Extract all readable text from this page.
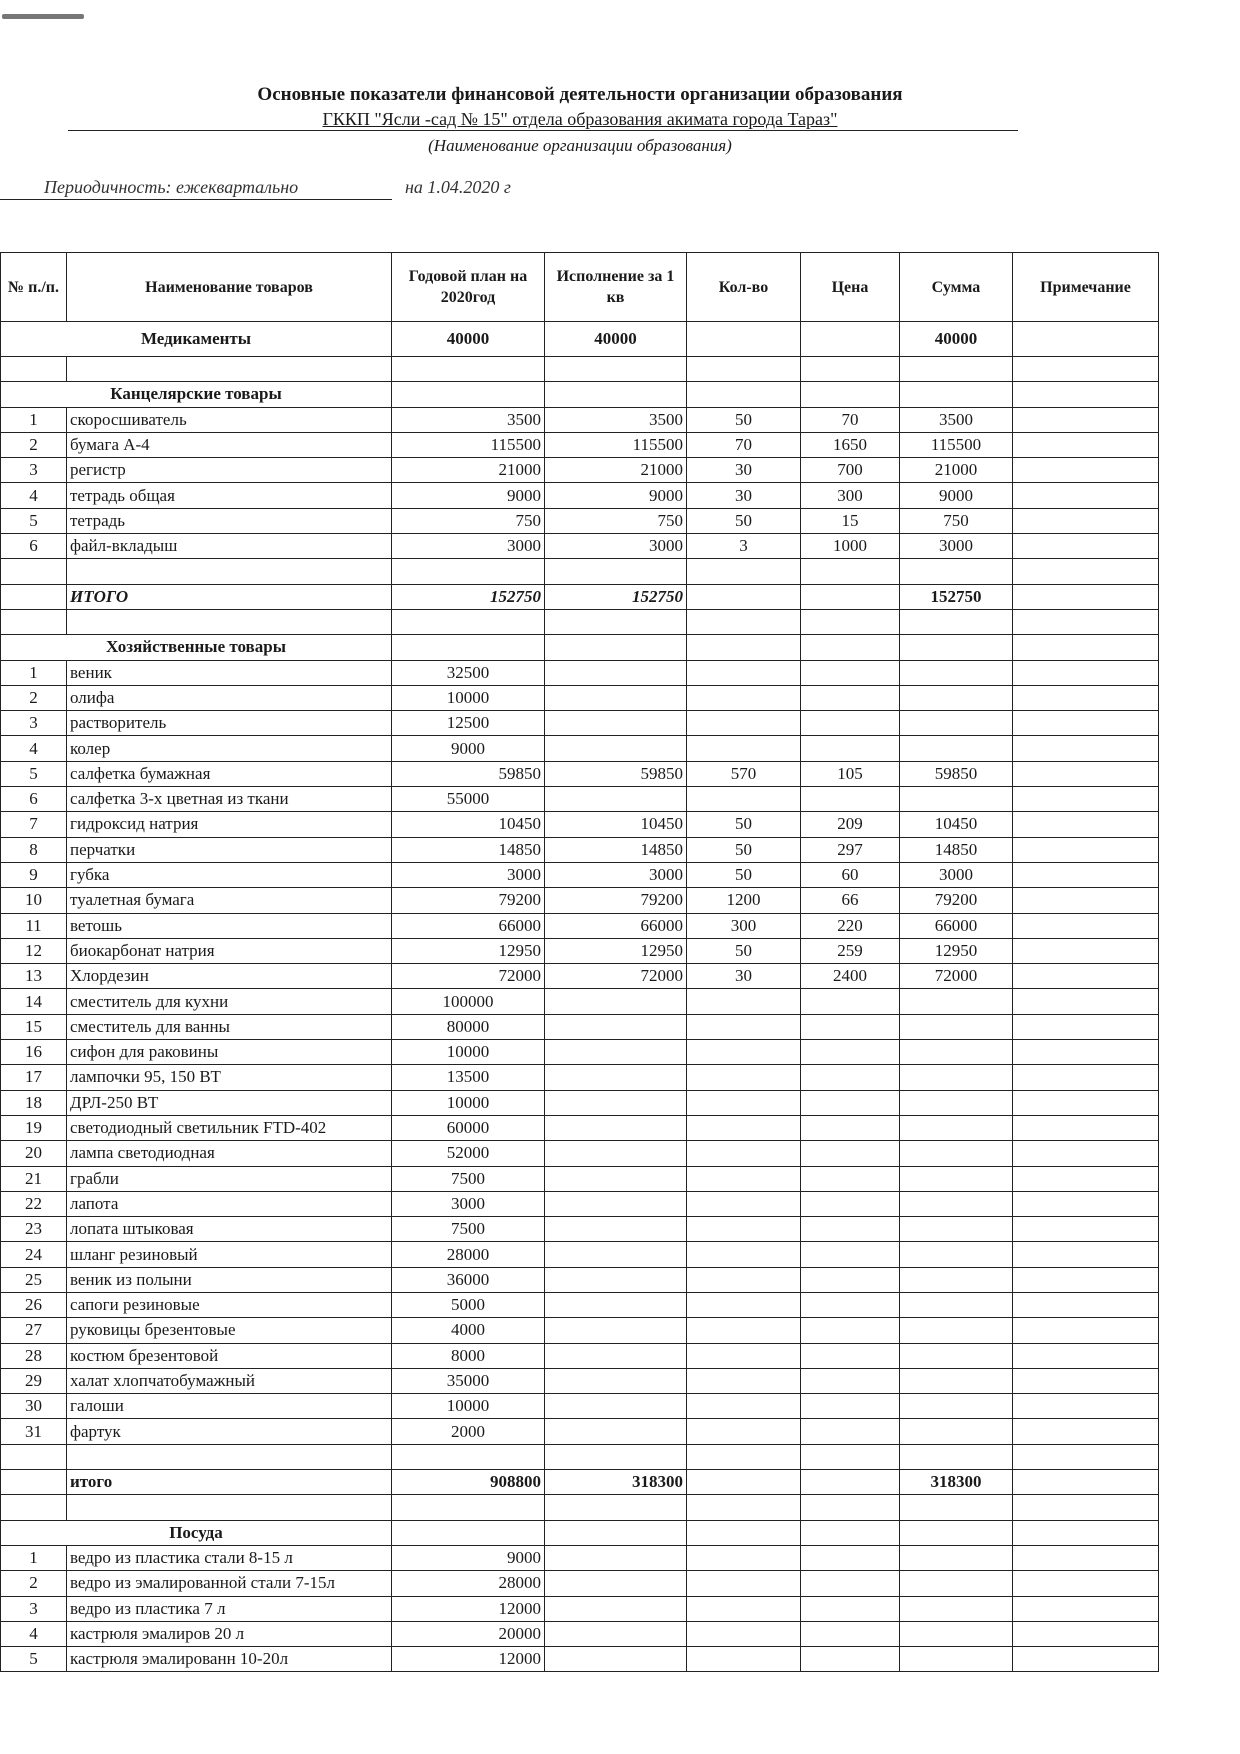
Основные показатели финансовой деятельности организации образования
ГККП "Ясли -сад № 15" отдела образования акимата города Тараз"
(Наименование организации образования)
Периодичность: ежеквартально	на 1.04.2020 г
№ п./п.	Наименование товаров	Годовой план на 2020год	Исполнение за 1 кв	Кол-во	Цена	Сумма	Примечание
Медикаменты		40000	40000			40000	

Канцелярские товары							
1	скоросшиватель	3500	3500	50	70	3500	
2	бумага А-4	115500	115500	70	1650	115500	
3	регистр	21000	21000	30	700	21000	
4	тетрадь общая	9000	9000	30	300	9000	
5	тетрадь	750	750	50	15	750	
6	файл-вкладыш	3000	3000	3	1000	3000	

	ИТОГО	152750	152750			152750	

Хозяйственные товары							
1	веник	32500					
2	олифа	10000					
3	растворитель	12500					
4	колер	9000					
5	салфетка бумажная	59850	59850	570	105	59850	
6	салфетка 3-х цветная из ткани	55000					
7	гидроксид натрия	10450	10450	50	209	10450	
8	перчатки	14850	14850	50	297	14850	
9	губка	3000	3000	50	60	3000	
10	туалетная бумага	79200	79200	1200	66	79200	
11	ветошь	66000	66000	300	220	66000	
12	биокарбонат натрия	12950	12950	50	259	12950	
13	Хлордезин	72000	72000	30	2400	72000	
14	сместитель для кухни	100000					
15	сместитель для ванны	80000					
16	сифон для раковины	10000					
17	лампочки 95, 150 ВТ	13500					
18	ДРЛ-250 ВТ	10000					
19	светодиодный светильник FTD-402	60000					
20	лампа светодиодная	52000					
21	грабли	7500					
22	лапота	3000					
23	лопата штыковая	7500					
24	шланг резиновый	28000					
25	веник из полыни	36000					
26	сапоги резиновые	5000					
27	руковицы брезентовые	4000					
28	костюм брезентовой	8000					
29	халат хлопчатобумажный	35000					
30	галоши	10000					
31	фартук	2000					

	итого	908800	318300			318300	

Посуда							
1	ведро из пластика стали 8-15 л	9000					
2	ведро из эмалированной стали 7-15л	28000					
3	ведро из пластика 7 л	12000					
4	кастрюля эмалиров 20 л	20000					
5	кастрюля эмалированн 10-20л	12000					
